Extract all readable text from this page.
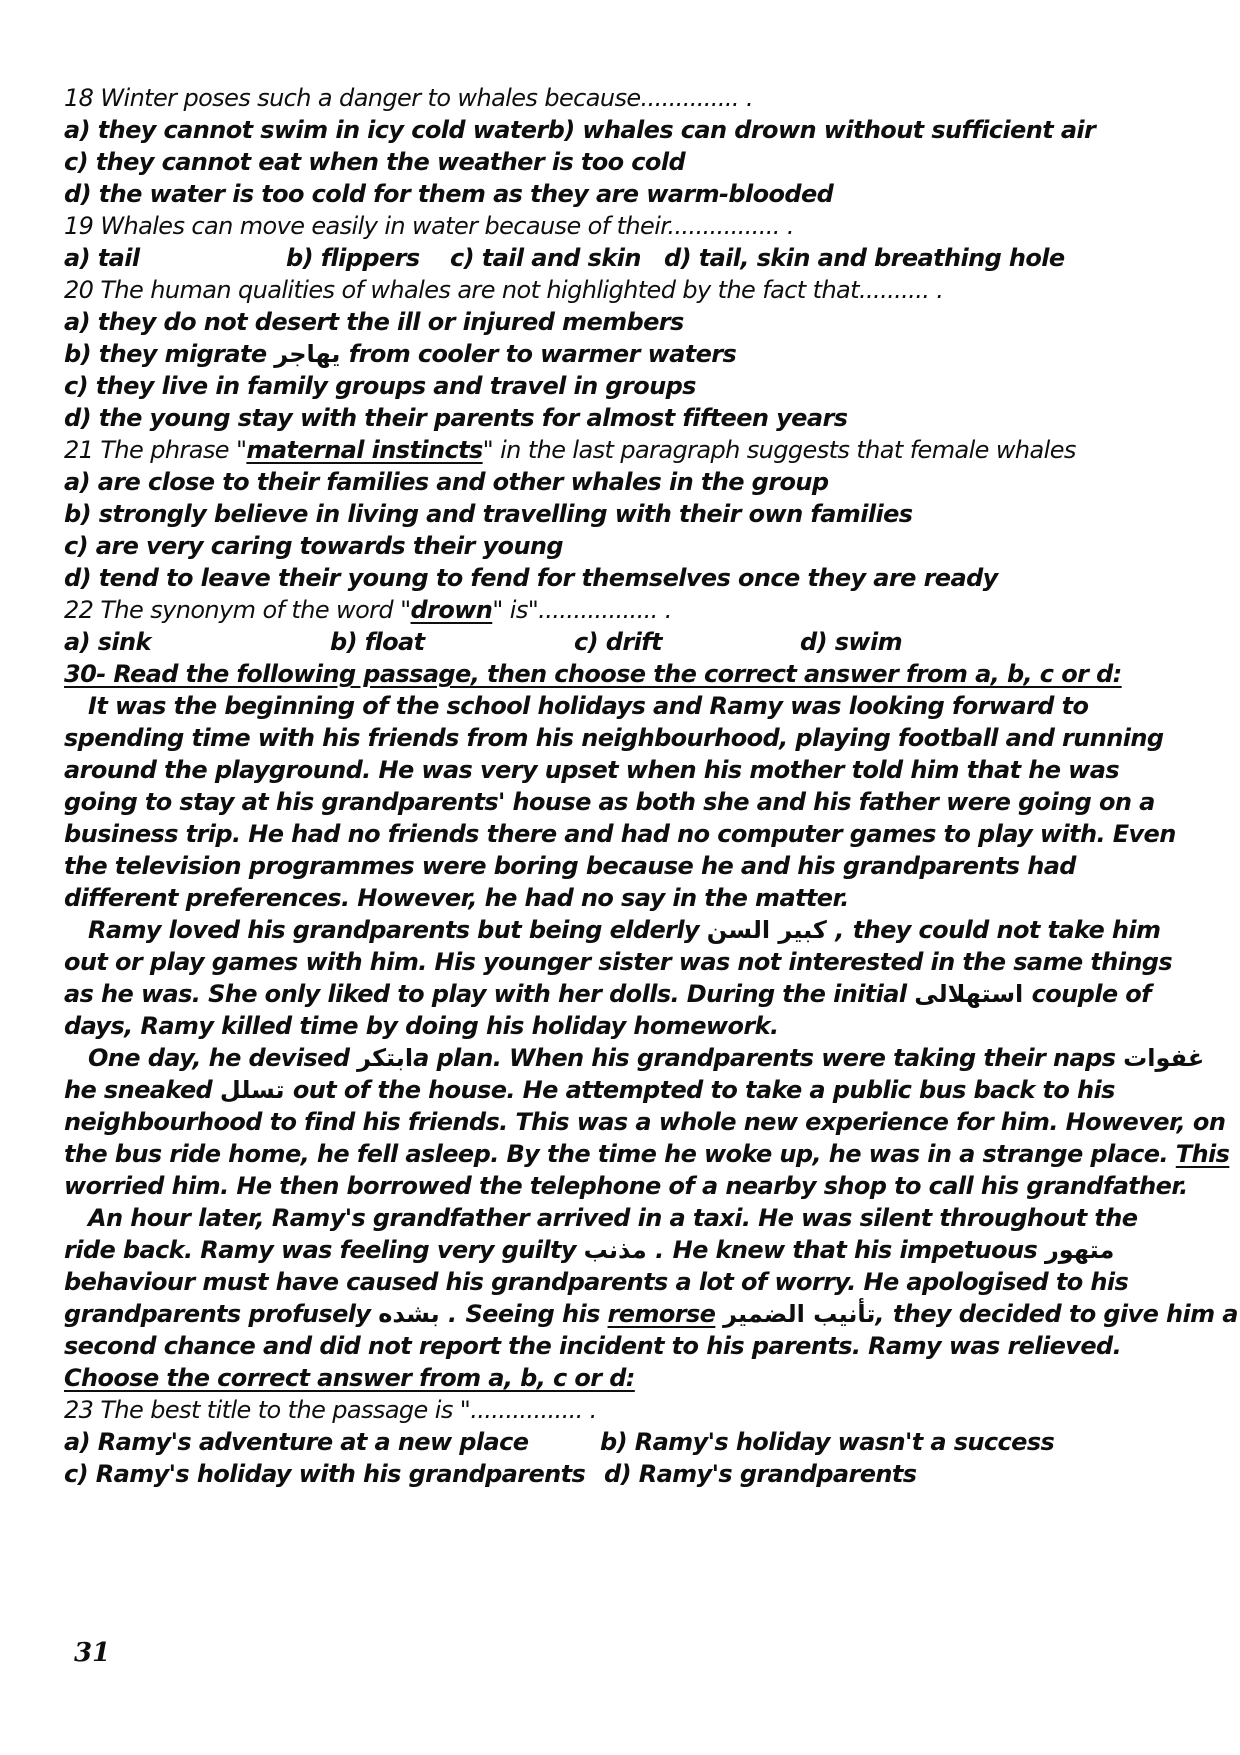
18 Winter poses such a danger to whales because.............. .
a) they cannot swim in icy cold water b) whales can drown without sufficient air
c) they cannot eat when the weather is too cold
d) the water is too cold for them as they are warm-blooded
19 Whales can move easily in water because of their................ .
a) tail	b) flippers	c) tail and skin d) tail, skin and breathing hole
20 The human qualities of whales are not highlighted by the fact that.......... .
a) they do not desert the ill or injured members
b) they migrate يهاجر from cooler to warmer waters
c) they live in family groups and travel in groups
d) the young stay with their parents for almost fifteen years
21 The phrase "maternal instincts" in the last paragraph suggests that female whales
a) are close to their families and other whales in the group
b) strongly believe in living and travelling with their own families
c) are very caring towards their young
d) tend to leave their young to fend for themselves once they are ready
22 The synonym of the word "drown" is"................. .
a) sink	b) float	c) drift	d) swim
30- Read the following passage, then choose the correct answer from a, b, c or d:
It was the beginning of the school holidays and Ramy was looking forward to
spending time with his friends from his neighbourhood, playing football and running
around the playground. He was very upset when his mother told him that he was
going to stay at his grandparents' house as both she and his father were going on a
business trip. He had no friends there and had no computer games to play with. Even
the television programmes were boring because he and his grandparents had
different preferences. However, he had no say in the matter.
Ramy loved his grandparents but being elderly كبير السن , they could not take him
out or play games with him. His younger sister was not interested in the same things
as he was. She only liked to play with her dolls. During the initial استهلالى couple of
days, Ramy killed time by doing his holiday homework.
One day, he devised ابتكرa plan. When his grandparents were taking their naps غفوات
he sneaked تسلل out of the house. He attempted to take a public bus back to his
neighbourhood to find his friends. This was a whole new experience for him. However, on
the bus ride home, he fell asleep. By the time he woke up, he was in a strange place. This
worried him. He then borrowed the telephone of a nearby shop to call his grandfather.
An hour later, Ramy's grandfather arrived in a taxi. He was silent throughout the
ride back. Ramy was feeling very guilty مذنب . He knew that his impetuous متهور
behaviour must have caused his grandparents a lot of worry. He apologised to his
grandparents profusely بشده . Seeing his remorse تأنيب الضمير, they decided to give him a
second chance and did not report the incident to his parents. Ramy was relieved.
Choose the correct answer from a, b, c or d:
23 The best title to the passage is "................ .
a) Ramy's adventure at a new place	b) Ramy's holiday wasn't a success
c) Ramy's holiday with his grandparents d) Ramy's grandparents
31
